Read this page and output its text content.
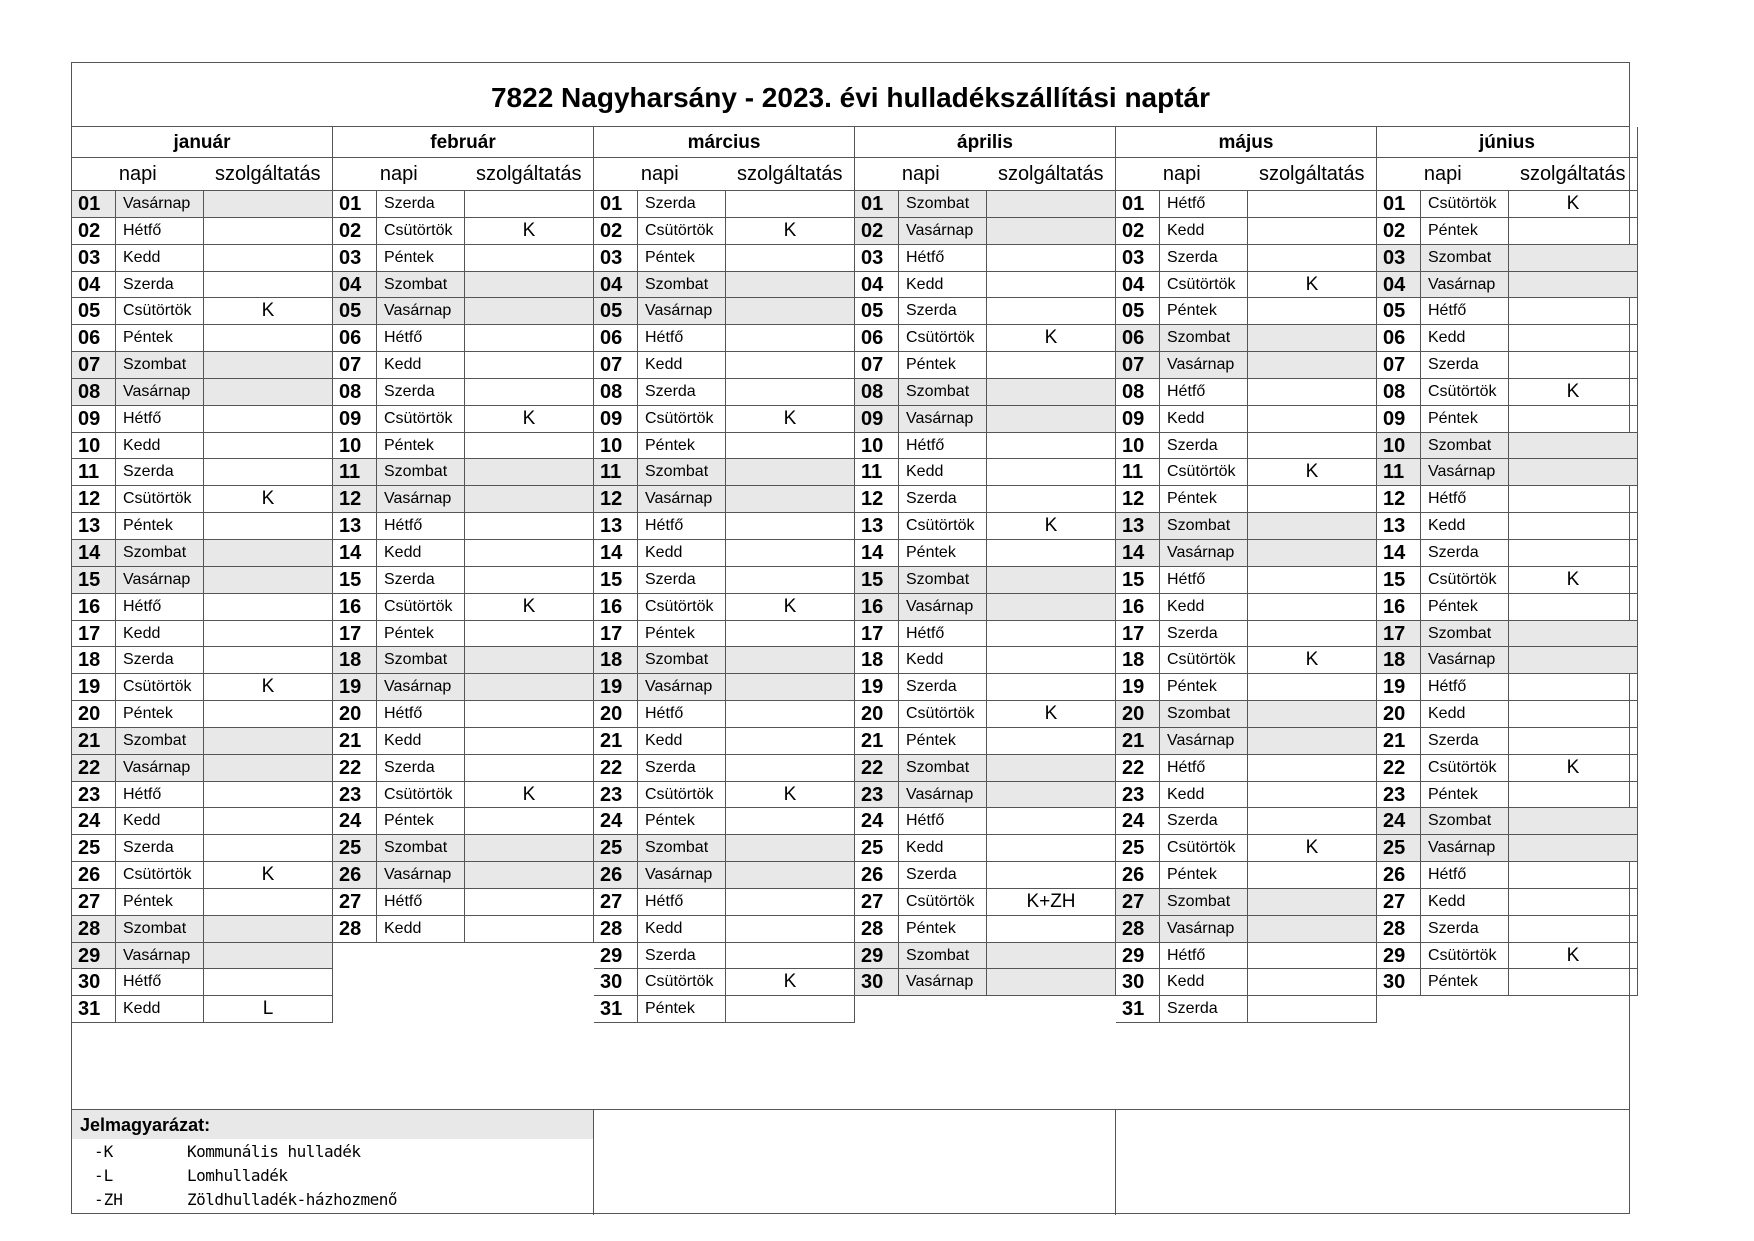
7822 Nagyharsány - 2023. évi hulladékszállítási naptár
január
napi	szolgáltatás
01	Vasárnap
02	Hétfő
03	Kedd
04	Szerda
05	Csütörtök	K
06	Péntek
07	Szombat
08	Vasárnap
09	Hétfő
10	Kedd
11	Szerda
12	Csütörtök	K
13	Péntek
14	Szombat
15	Vasárnap
16	Hétfő
17	Kedd
18	Szerda
19	Csütörtök	K
20	Péntek
21	Szombat
22	Vasárnap
23	Hétfő
24	Kedd
25	Szerda
26	Csütörtök	K
27	Péntek
28	Szombat
29	Vasárnap
30	Hétfő
31	Kedd	L
február
napi	szolgáltatás
01	Szerda
02	Csütörtök	K
03	Péntek
04	Szombat
05	Vasárnap
06	Hétfő
07	Kedd
08	Szerda
09	Csütörtök	K
10	Péntek
11	Szombat
12	Vasárnap
13	Hétfő
14	Kedd
15	Szerda
16	Csütörtök	K
17	Péntek
18	Szombat
19	Vasárnap
20	Hétfő
21	Kedd
22	Szerda
23	Csütörtök	K
24	Péntek
25	Szombat
26	Vasárnap
27	Hétfő
28	Kedd
március
napi	szolgáltatás
01	Szerda
02	Csütörtök	K
03	Péntek
04	Szombat
05	Vasárnap
06	Hétfő
07	Kedd
08	Szerda
09	Csütörtök	K
10	Péntek
11	Szombat
12	Vasárnap
13	Hétfő
14	Kedd
15	Szerda
16	Csütörtök	K
17	Péntek
18	Szombat
19	Vasárnap
20	Hétfő
21	Kedd
22	Szerda
23	Csütörtök	K
24	Péntek
25	Szombat
26	Vasárnap
27	Hétfő
28	Kedd
29	Szerda
30	Csütörtök	K
31	Péntek
április
napi	szolgáltatás
01	Szombat
02	Vasárnap
03	Hétfő
04	Kedd
05	Szerda
06	Csütörtök	K
07	Péntek
08	Szombat
09	Vasárnap
10	Hétfő
11	Kedd
12	Szerda
13	Csütörtök	K
14	Péntek
15	Szombat
16	Vasárnap
17	Hétfő
18	Kedd
19	Szerda
20	Csütörtök	K
21	Péntek
22	Szombat
23	Vasárnap
24	Hétfő
25	Kedd
26	Szerda
27	Csütörtök	K+ZH
28	Péntek
29	Szombat
30	Vasárnap
május
napi	szolgáltatás
01	Hétfő
02	Kedd
03	Szerda
04	Csütörtök	K
05	Péntek
06	Szombat
07	Vasárnap
08	Hétfő
09	Kedd
10	Szerda
11	Csütörtök	K
12	Péntek
13	Szombat
14	Vasárnap
15	Hétfő
16	Kedd
17	Szerda
18	Csütörtök	K
19	Péntek
20	Szombat
21	Vasárnap
22	Hétfő
23	Kedd
24	Szerda
25	Csütörtök	K
26	Péntek
27	Szombat
28	Vasárnap
29	Hétfő
30	Kedd
31	Szerda
június
napi	szolgáltatás
01	Csütörtök	K
02	Péntek
03	Szombat
04	Vasárnap
05	Hétfő
06	Kedd
07	Szerda
08	Csütörtök	K
09	Péntek
10	Szombat
11	Vasárnap
12	Hétfő
13	Kedd
14	Szerda
15	Csütörtök	K
16	Péntek
17	Szombat
18	Vasárnap
19	Hétfő
20	Kedd
21	Szerda
22	Csütörtök	K
23	Péntek
24	Szombat
25	Vasárnap
26	Hétfő
27	Kedd
28	Szerda
29	Csütörtök	K
30	Péntek
Jelmagyarázat:
-K	Kommunális hulladék
-L	Lomhulladék
-ZH	Zöldhulladék-házhozmenő
